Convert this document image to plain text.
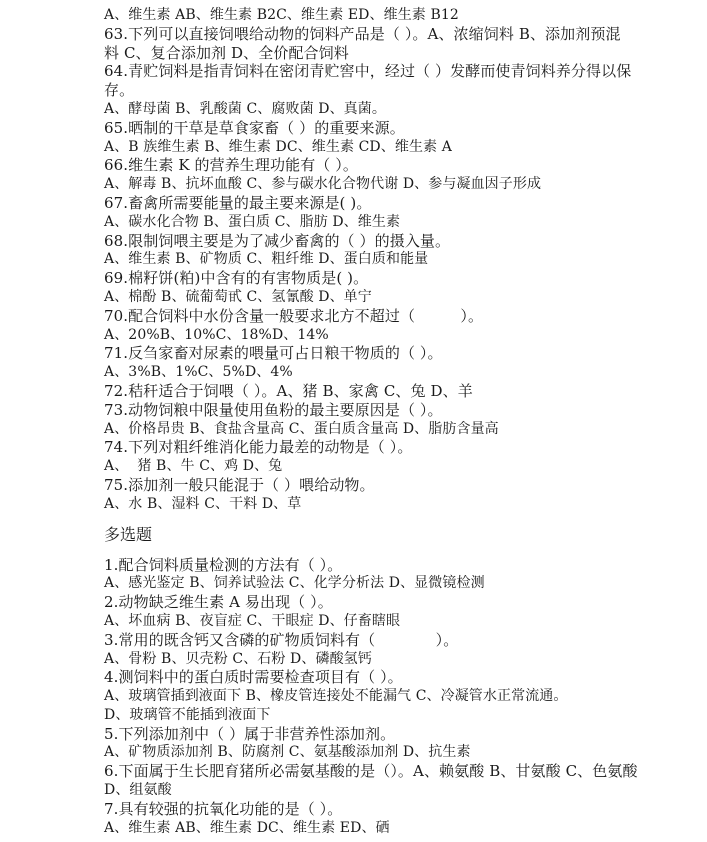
A、维生素 AB、维生素 B2C、维生素 ED、维生素 B12
63.下列可以直接饲喂给动物的饲料产品是（ ）。A、浓缩饲料 B、添加剂预混
料 C、复合添加剂 D、全价配合饲料
64.青贮饲料是指青饲料在密闭青贮窖中，经过（ ）发酵而使青饲料养分得以保
存。
A、酵母菌 B、乳酸菌 C、腐败菌 D、真菌。
65.晒制的干草是草食家畜（ ）的重要来源。
A、B 族维生素 B、维生素 DC、维生素 CD、维生素 A
66.维生素 K 的营养生理功能有（ ）。
A、解毒 B、抗坏血酸 C、参与碳水化合物代谢 D、参与凝血因子形成
67.畜禽所需要能量的最主要来源是( )。
A、碳水化合物 B、蛋白质 C、脂肪 D、维生素
68.限制饲喂主要是为了减少畜禽的（ ）的摄入量。
A、维生素 B、矿物质 C、粗纤维 D、蛋白质和能量
69.棉籽饼(粕)中含有的有害物质是( )。
A、棉酚 B、硫葡萄甙 C、氢氰酸 D、单宁
70.配合饲料中水份含量一般要求北方不超过（　　　）。
A、20%B、10%C、18%D、14%
71.反刍家畜对尿素的喂量可占日粮干物质的（ ）。
A、3%B、1%C、5%D、4%
72.秸秆适合于饲喂（ ）。A、猪 B、家禽 C、兔 D、羊
73.动物饲粮中限量使用鱼粉的最主要原因是（ ）。
A、价格昂贵 B、食盐含量高 C、蛋白质含量高 D、脂肪含量高
74.下列对粗纤维消化能力最差的动物是（ ）。
A、  猪 B、牛 C、鸡 D、兔
75.添加剂一般只能混于（ ）喂给动物。
A、水 B、湿料 C、干料 D、草
多选题
1.配合饲料质量检测的方法有（ ）。
A、感光鉴定 B、饲养试验法 C、化学分析法 D、显微镜检测
2.动物缺乏维生素 A 易出现（ ）。
A、坏血病 B、夜盲症 C、干眼症 D、仔畜瞎眼
3.常用的既含钙又含磷的矿物质饲料有（　　　　）。
A、骨粉 B、贝壳粉 C、石粉 D、磷酸氢钙
4.测饲料中的蛋白质时需要检查项目有（ ）。
A、玻璃管插到液面下 B、橡皮管连接处不能漏气 C、冷凝管水正常流通。
D、玻璃管不能插到液面下
5.下列添加剂中（ ）属于非营养性添加剂。
A、矿物质添加剂 B、防腐剂 C、氨基酸添加剂 D、抗生素
6.下面属于生长肥育猪所必需氨基酸的是（）。A、赖氨酸 B、甘氨酸 C、色氨酸
D、组氨酸
7.具有较强的抗氧化功能的是（ ）。
A、维生素 AB、维生素 DC、维生素 ED、硒
